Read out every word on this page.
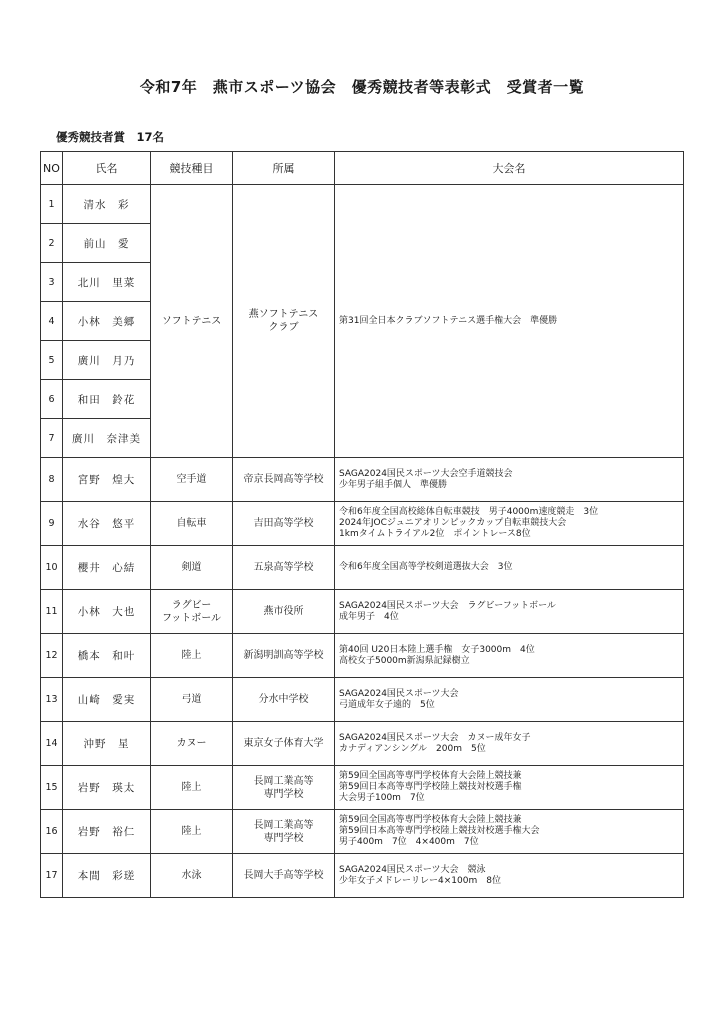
令和7年　燕市スポーツ協会　優秀競技者等表彰式　受賞者一覧
優秀競技者賞　17名
NO	氏名	競技種目	所属	大会名
1	清水　彩	ソフトテニス	燕ソフトテニス
クラブ	第31回全日本クラブソフトテニス選手権大会　準優勝
2	前山　愛			
3	北川　里菜			
4	小林　美郷			
5	廣川　月乃			
6	和田　鈴花			
7	廣川　奈津美			
8	宮野　煌大	空手道	帝京長岡高等学校	SAGA2024国民スポーツ大会空手道競技会
少年男子組手個人　準優勝
9	水谷　悠平	自転車	吉田高等学校	令和6年度全国高校総体自転車競技　男子4000m速度競走　3位
2024年JOCジュニアオリンピックカップ自転車競技大会
1kmタイムトライアル2位　ポイントレース8位
10	櫻井　心結	剣道	五泉高等学校	令和6年度全国高等学校剣道選抜大会　3位
11	小林　大也	ラグビー
フットボール	燕市役所	SAGA2024国民スポーツ大会　ラグビーフットボール
成年男子　4位
12	橋本　和叶	陸上	新潟明訓高等学校	第40回 U20日本陸上選手権　女子3000m　4位
高校女子5000m新潟県記録樹立
13	山崎　愛実	弓道	分水中学校	SAGA2024国民スポーツ大会
弓道成年女子遠的　5位
14	沖野　星	カヌー	東京女子体育大学	SAGA2024国民スポーツ大会　カヌー成年女子
カナディアンシングル　200m　5位
15	岩野　瑛太	陸上	長岡工業高等
専門学校	第59回全国高等専門学校体育大会陸上競技兼
第59回日本高等専門学校陸上競技対校選手権
大会男子100m　7位
16	岩野　裕仁	陸上	長岡工業高等
専門学校	第59回全国高等専門学校体育大会陸上競技兼
第59回日本高等専門学校陸上競技対校選手権大会
男子400m　7位　4×400m　7位
17	本間　彩瑳	水泳	長岡大手高等学校	SAGA2024国民スポーツ大会　競泳
少年女子メドレーリレー4×100m　8位
